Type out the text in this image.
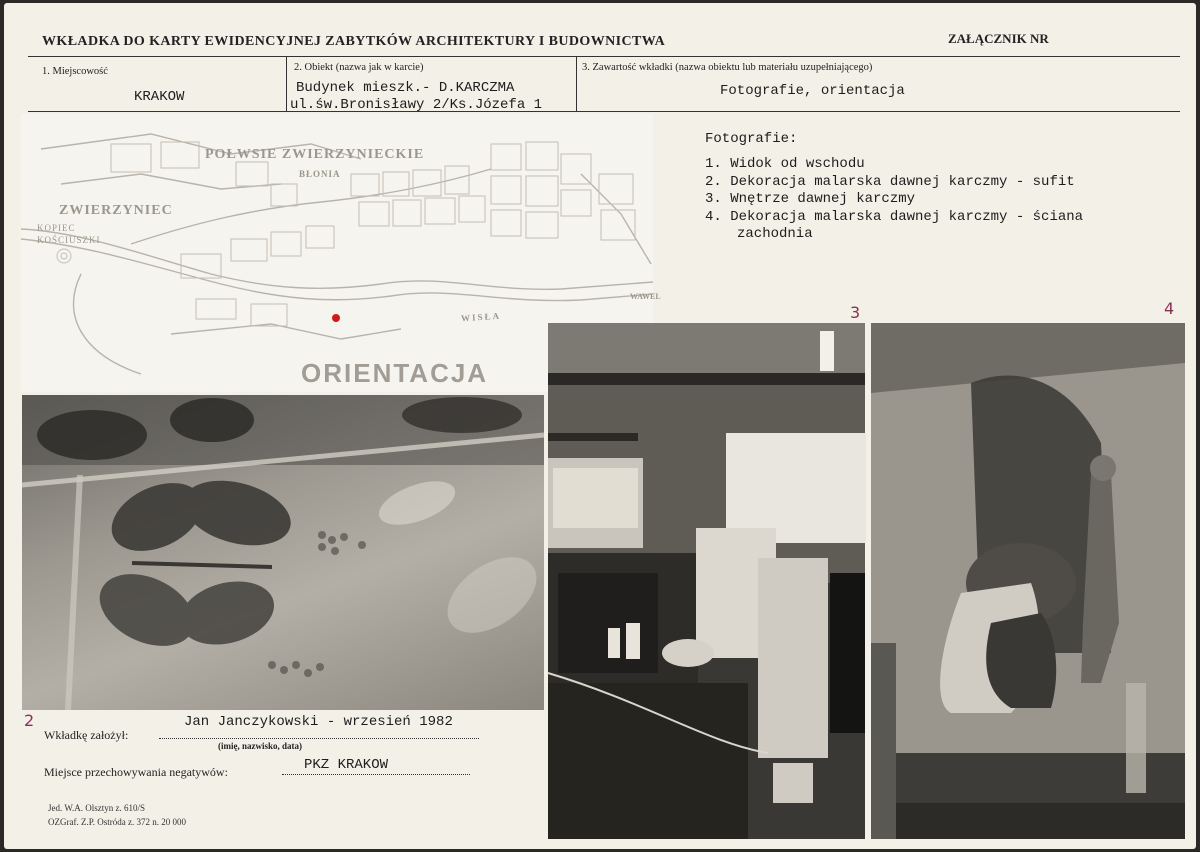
WKŁADKA DO KARTY EWIDENCYJNEJ ZABYTKÓW ARCHITEKTURY I BUDOWNICTWA	ZAŁĄCZNIK NR
1. Miejscowość
KRAKOW
2. Obiekt (nazwa jak w karcie)
Budynek mieszk.- D.KARCZMA
ul.św.Bronisławy 2/Ks.Józefa 1
3. Zawartość wkładki (nazwa obiektu lub materiału uzupełniającego)
Fotografie, orientacja
Fotografie:
1. Widok od wschodu
2. Dekoracja malarska dawnej karczmy - sufit
3. Wnętrze dawnej karczmy
4. Dekoracja malarska dawnej karczmy - ściana
zachodnia
POŁWSIE ZWIERZYNIECKIE
BŁONIA
ZWIERZYNIEC
KOPIEC KOŚCIUSZKI
WAWEL
WISŁA
ORIENTACJA
2
3	4
Wkładkę założył:
Jan Janczykowski - wrzesień 1982
(imię, nazwisko, data)
Miejsce przechowywania negatywów:	PKZ KRAKOW
Jed. W.A. Olsztyn z. 610/S
OZGraf. Z.P. Ostróda z. 372 n. 20 000
